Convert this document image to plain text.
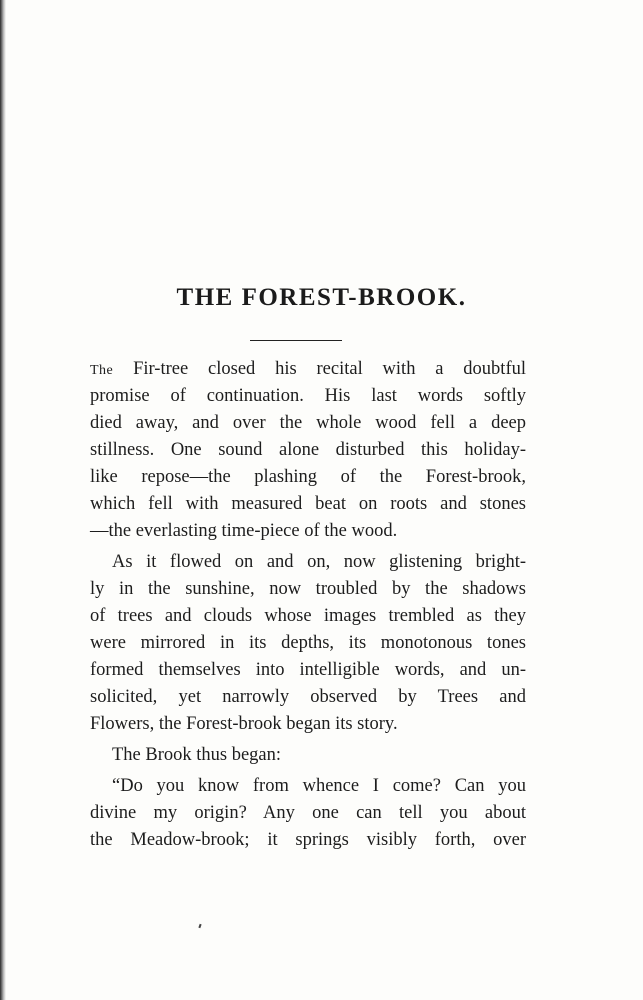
THE FOREST-BROOK.
The Fir-tree closed his recital with a doubtful
promise of continuation. His last words softly
died away, and over the whole wood fell a deep
stillness. One sound alone disturbed this holiday-
like repose—the plashing of the Forest-brook,
which fell with measured beat on roots and stones
—the everlasting time-piece of the wood.
As it flowed on and on, now glistening bright-
ly in the sunshine, now troubled by the shadows
of trees and clouds whose images trembled as they
were mirrored in its depths, its monotonous tones
formed themselves into intelligible words, and un-
solicited, yet narrowly observed by Trees and
Flowers, the Forest-brook began its story.
The Brook thus began:
“Do you know from whence I come? Can you
divine my origin? Any one can tell you about
the Meadow-brook; it springs visibly forth, over
